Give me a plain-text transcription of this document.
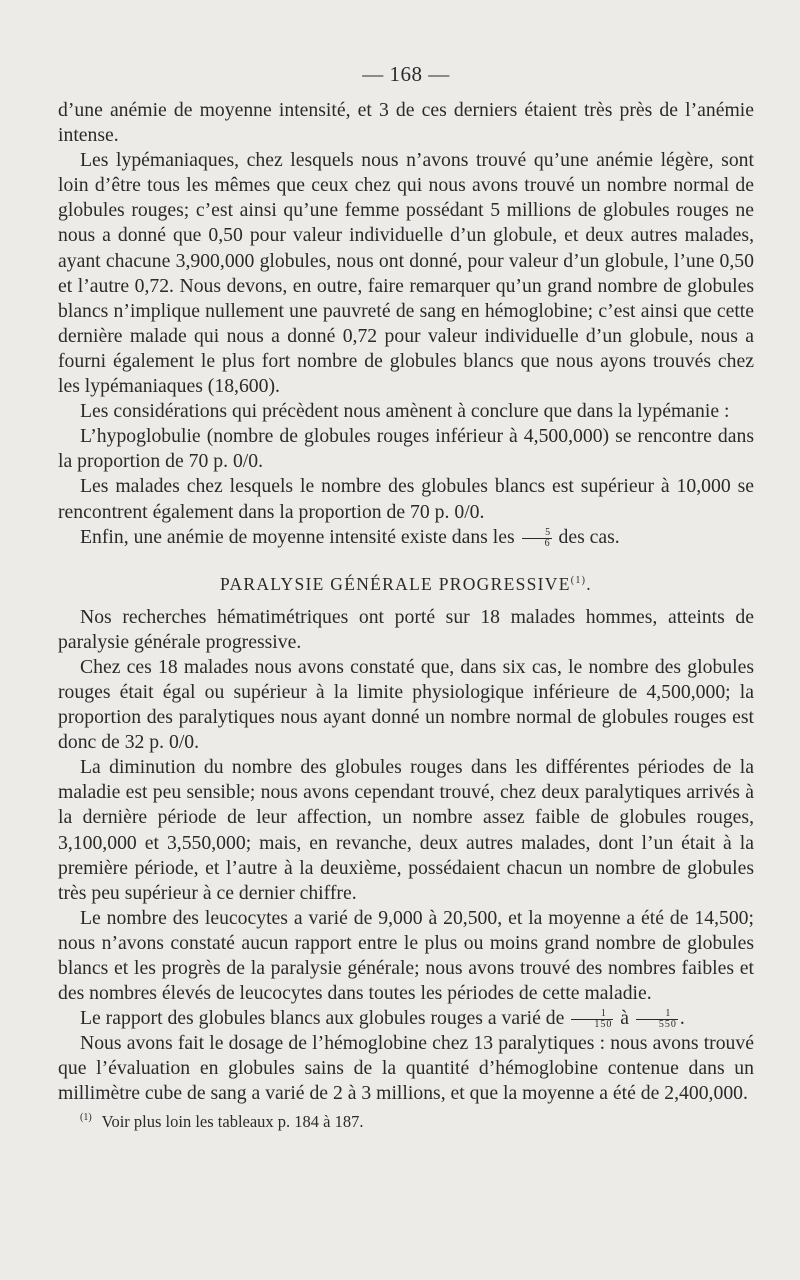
— 168 —

d’une anémie de moyenne intensité, et 3 de ces derniers étaient très près de l’anémie intense.

Les lypémaniaques, chez lesquels nous n’avons trouvé qu’une anémie légère, sont loin d’être tous les mêmes que ceux chez qui nous avons trouvé un nombre normal de globules rouges; c’est ainsi qu’une femme possédant 5 millions de globules rouges ne nous a donné que 0,50 pour valeur individuelle d’un globule, et deux autres malades, ayant chacune 3,900,000 globules, nous ont donné, pour valeur d’un globule, l’une 0,50 et l’autre 0,72. Nous devons, en outre, faire remarquer qu’un grand nombre de globules blancs n’implique nullement une pauvreté de sang en hémoglobine; c’est ainsi que cette dernière malade qui nous a donné 0,72 pour valeur individuelle d’un globule, nous a fourni également le plus fort nombre de globules blancs que nous ayons trouvés chez les lypémaniaques (18,600).

Les considérations qui précèdent nous amènent à conclure que dans la lypémanie :

L’hypoglobulie (nombre de globules rouges inférieur à 4,500,000) se rencontre dans la proportion de 70 p. 0/0.

Les malades chez lesquels le nombre des globules blancs est supérieur à 10,000 se rencontrent également dans la proportion de 70 p. 0/0.

Enfin, une anémie de moyenne intensité existe dans les $\frac{5}{6}$ des cas.

PARALYSIE GÉNÉRALE PROGRESSIVE$^{(1)}$.

Nos recherches hématimétriques ont porté sur 18 malades hommes, atteints de paralysie générale progressive.

Chez ces 18 malades nous avons constaté que, dans six cas, le nombre des globules rouges était égal ou supérieur à la limite physiologique inférieure de 4,500,000; la proportion des paralytiques nous ayant donné un nombre normal de globules rouges est donc de 32 p. 0/0.

La diminution du nombre des globules rouges dans les différentes périodes de la maladie est peu sensible; nous avons cependant trouvé, chez deux paralytiques arrivés à la dernière période de leur affection, un nombre assez faible de globules rouges, 3,100,000 et 3,550,000; mais, en revanche, deux autres malades, dont l’un était à la première période, et l’autre à la deuxième, possédaient chacun un nombre de globules très peu supérieur à ce dernier chiffre.

Le nombre des leucocytes a varié de 9,000 à 20,500, et la moyenne a été de 14,500; nous n’avons constaté aucun rapport entre le plus ou moins grand nombre de globules blancs et les progrès de la paralysie générale; nous avons trouvé des nombres faibles et des nombres élevés de leucocytes dans toutes les périodes de cette maladie.

Le rapport des globules blancs aux globules rouges a varié de $\frac{1}{150}$ à $\frac{1}{550}$ .

Nous avons fait le dosage de l’hémoglobine chez 13 paralytiques : nous avons trouvé que l’évaluation en globules sains de la quantité d’hémoglobine contenue dans un millimètre cube de sang a varié de 2 à 3 millions, et que la moyenne a été de 2,400,000.

$^{(1)}$ Voir plus loin les tableaux p. 184 à 187.
